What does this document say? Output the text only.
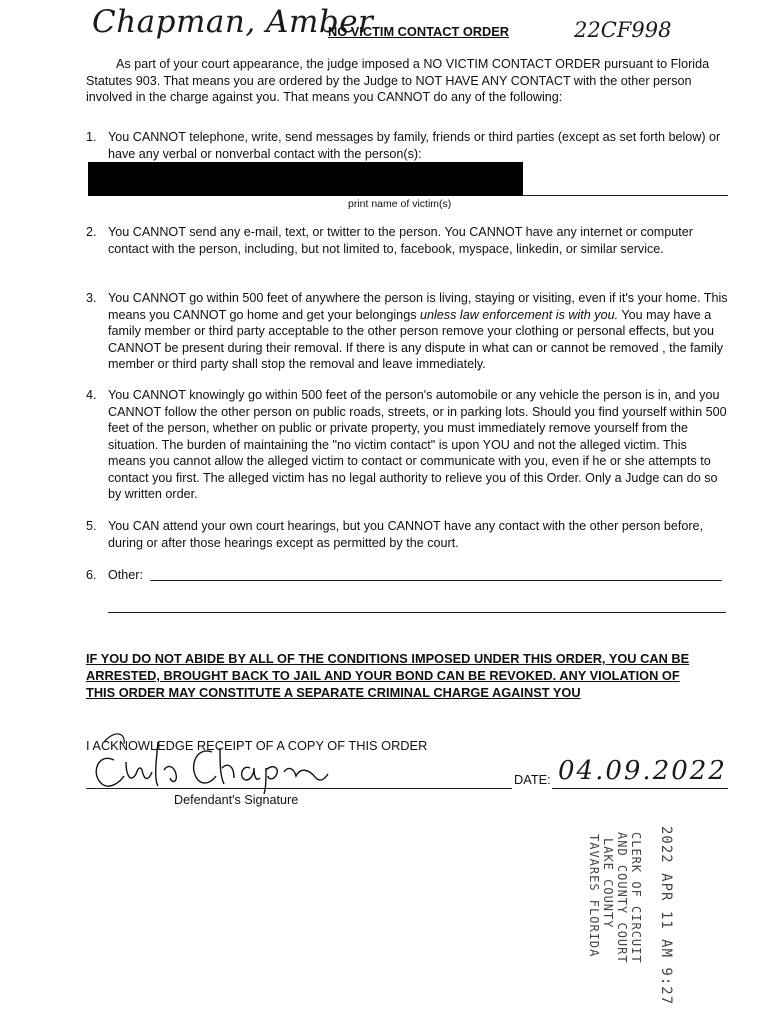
Chapman, Amber
NO VICTIM CONTACT ORDER	22CF998
As part of your court appearance, the judge imposed a NO VICTIM CONTACT ORDER pursuant to Florida Statutes 903. That means you are ordered by the Judge to NOT HAVE ANY CONTACT with the other person involved in the charge against you. That means you CANNOT do any of the following:
1. You CANNOT telephone, write, send messages by family, friends or third parties (except as set forth below) or have any verbal or nonverbal contact with the person(s):
print name of victim(s)
2. You CANNOT send any e-mail, text, or twitter to the person. You CANNOT have any internet or computer contact with the person, including, but not limited to, facebook, myspace, linkedin, or similar service.
3. You CANNOT go within 500 feet of anywhere the person is living, staying or visiting, even if it's your home. This means you CANNOT go home and get your belongings unless law enforcement is with you. You may have a family member or third party acceptable to the other person remove your clothing or personal effects, but you CANNOT be present during their removal. If there is any dispute in what can or cannot be removed , the family member or third party shall stop the removal and leave immediately.
4. You CANNOT knowingly go within 500 feet of the person's automobile or any vehicle the person is in, and you CANNOT follow the other person on public roads, streets, or in parking lots. Should you find yourself within 500 feet of the person, whether on public or private property, you must immediately remove yourself from the situation. The burden of maintaining the "no victim contact" is upon YOU and not the alleged victim. This means you cannot allow the alleged victim to contact or communicate with you, even if he or she attempts to contact you first. The alleged victim has no legal authority to relieve you of this Order. Only a Judge can do so by written order.
5. You CAN attend your own court hearings, but you CANNOT have any contact with the other person before, during or after those hearings except as permitted by the court.
6. Other:
IF YOU DO NOT ABIDE BY ALL OF THE CONDITIONS IMPOSED UNDER THIS ORDER, YOU CAN BE
ARRESTED, BROUGHT BACK TO JAIL AND YOUR BOND CAN BE REVOKED. ANY VIOLATION OF
THIS ORDER MAY CONSTITUTE A SEPARATE CRIMINAL CHARGE AGAINST YOU
I ACKNOWLEDGE RECEIPT OF A COPY OF THIS ORDER
Defendant's Signature
DATE: 04.09.2022
2022 APR 11 AM 9:27
CLERK OF CIRCUIT
AND COUNTY COURT
LAKE COUNTY
TAVARES FLORIDA
